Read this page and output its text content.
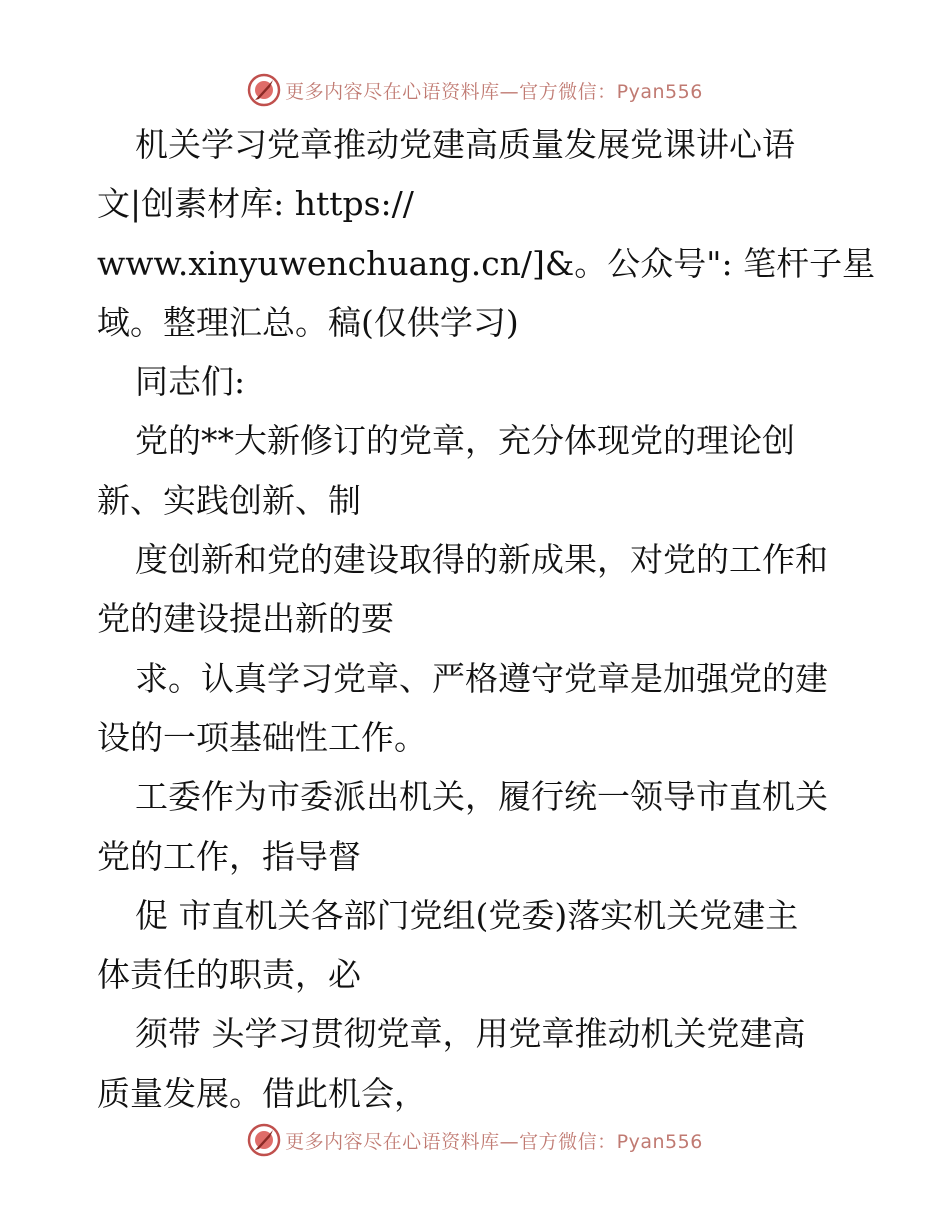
更多内容尽在心语资料库—官方微信：Pyan556
机关学习党章推动党建高质量发展党课讲心语
文|创素材库: https://
www.xinyuwenchuang.cn/]&。公众号": 笔杆子星
域。整理汇总。稿(仅供学习)
同志们:
党的**大新修订的党章，充分体现党的理论创
新、实践创新、制
度创新和党的建设取得的新成果，对党的工作和
党的建设提出新的要
求。认真学习党章、严格遵守党章是加强党的建
设的一项基础性工作。
工委作为市委派出机关，履行统一领导市直机关
党的工作，指导督
促 市直机关各部门党组(党委)落实机关党建主
体责任的职责，必
须带 头学习贯彻党章，用党章推动机关党建高
质量发展。借此机会，
更多内容尽在心语资料库—官方微信：Pyan556
